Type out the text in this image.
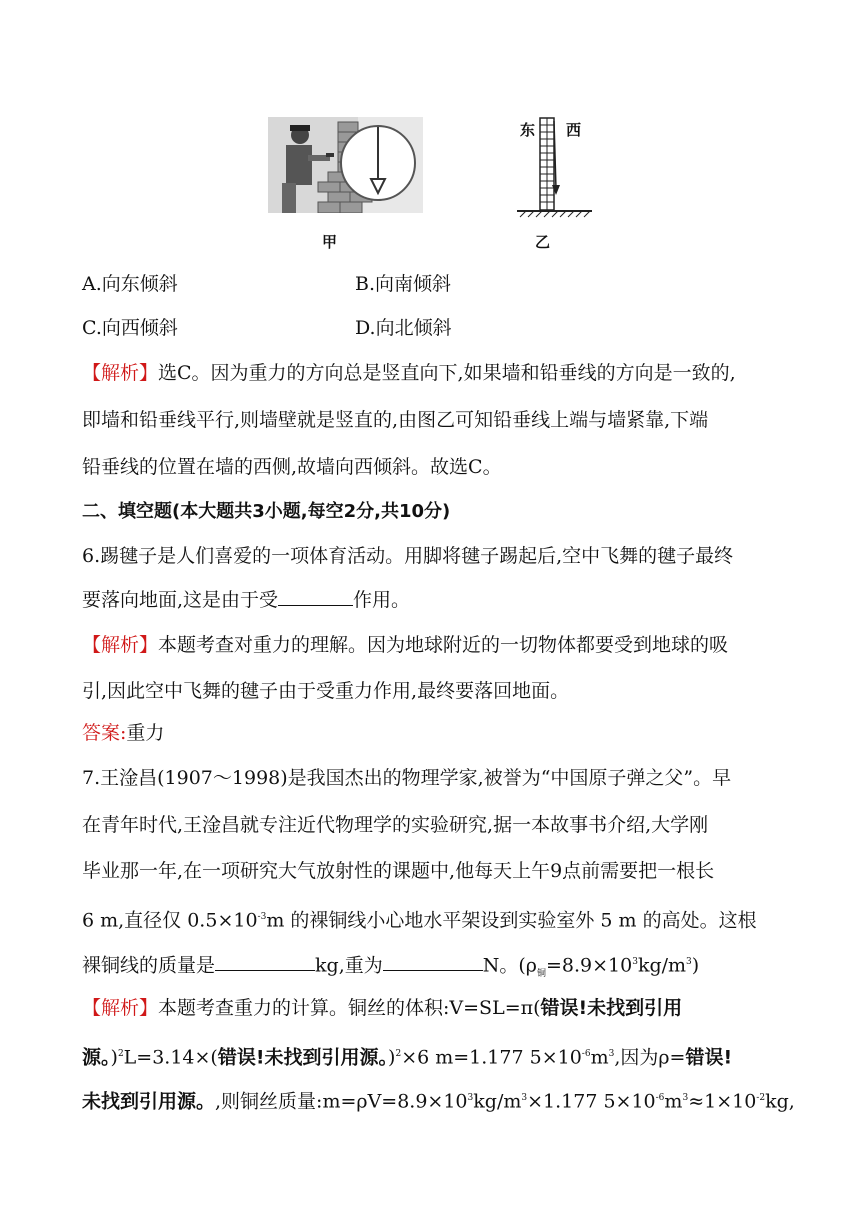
甲
东 西
乙
A.向东倾斜	B.向南倾斜
C.向西倾斜	D.向北倾斜
【解析】选C。因为重力的方向总是竖直向下,如果墙和铅垂线的方向是一致的,
即墙和铅垂线平行,则墙壁就是竖直的,由图乙可知铅垂线上端与墙紧靠,下端
铅垂线的位置在墙的西侧,故墙向西倾斜。故选C。
二、填空题(本大题共3小题,每空2分,共10分)
6.踢毽子是人们喜爱的一项体育活动。用脚将毽子踢起后,空中飞舞的毽子最终
要落向地面,这是由于受	作用。
【解析】本题考查对重力的理解。因为地球附近的一切物体都要受到地球的吸
引,因此空中飞舞的毽子由于受重力作用,最终要落回地面。
答案:重力
7.王淦昌(1907～1998)是我国杰出的物理学家,被誉为“中国原子弹之父”。早
在青年时代,王淦昌就专注近代物理学的实验研究,据一本故事书介绍,大学刚
毕业那一年,在一项研究大气放射性的课题中,他每天上午9点前需要把一根长
6 m,直径仅 $0.5\times 10^{-3}m$ 的裸铜线小心地水平架设到实验室外 5 m 的高处。这根
裸铜线的质量是	kg,重为	N。$(\rho_铜=8.9\times 10^3kg/m^3)$
【解析】本题考查重力的计算。铜丝的体积:V=SL=π(错误!未找到引用
源。)$^2$L=3.14×(错误!未找到引用源。)$^2$×6 m=1.177 $5\times 10^{-6}m^3$,因为ρ=错误!
未找到引用源。,则铜丝质量$:m=\rho V=8.9\times 10^3kg/m^3\times 1.177$ $5\times 10^{-6}m^3\approx 1\times 10^{-2}kg$,
